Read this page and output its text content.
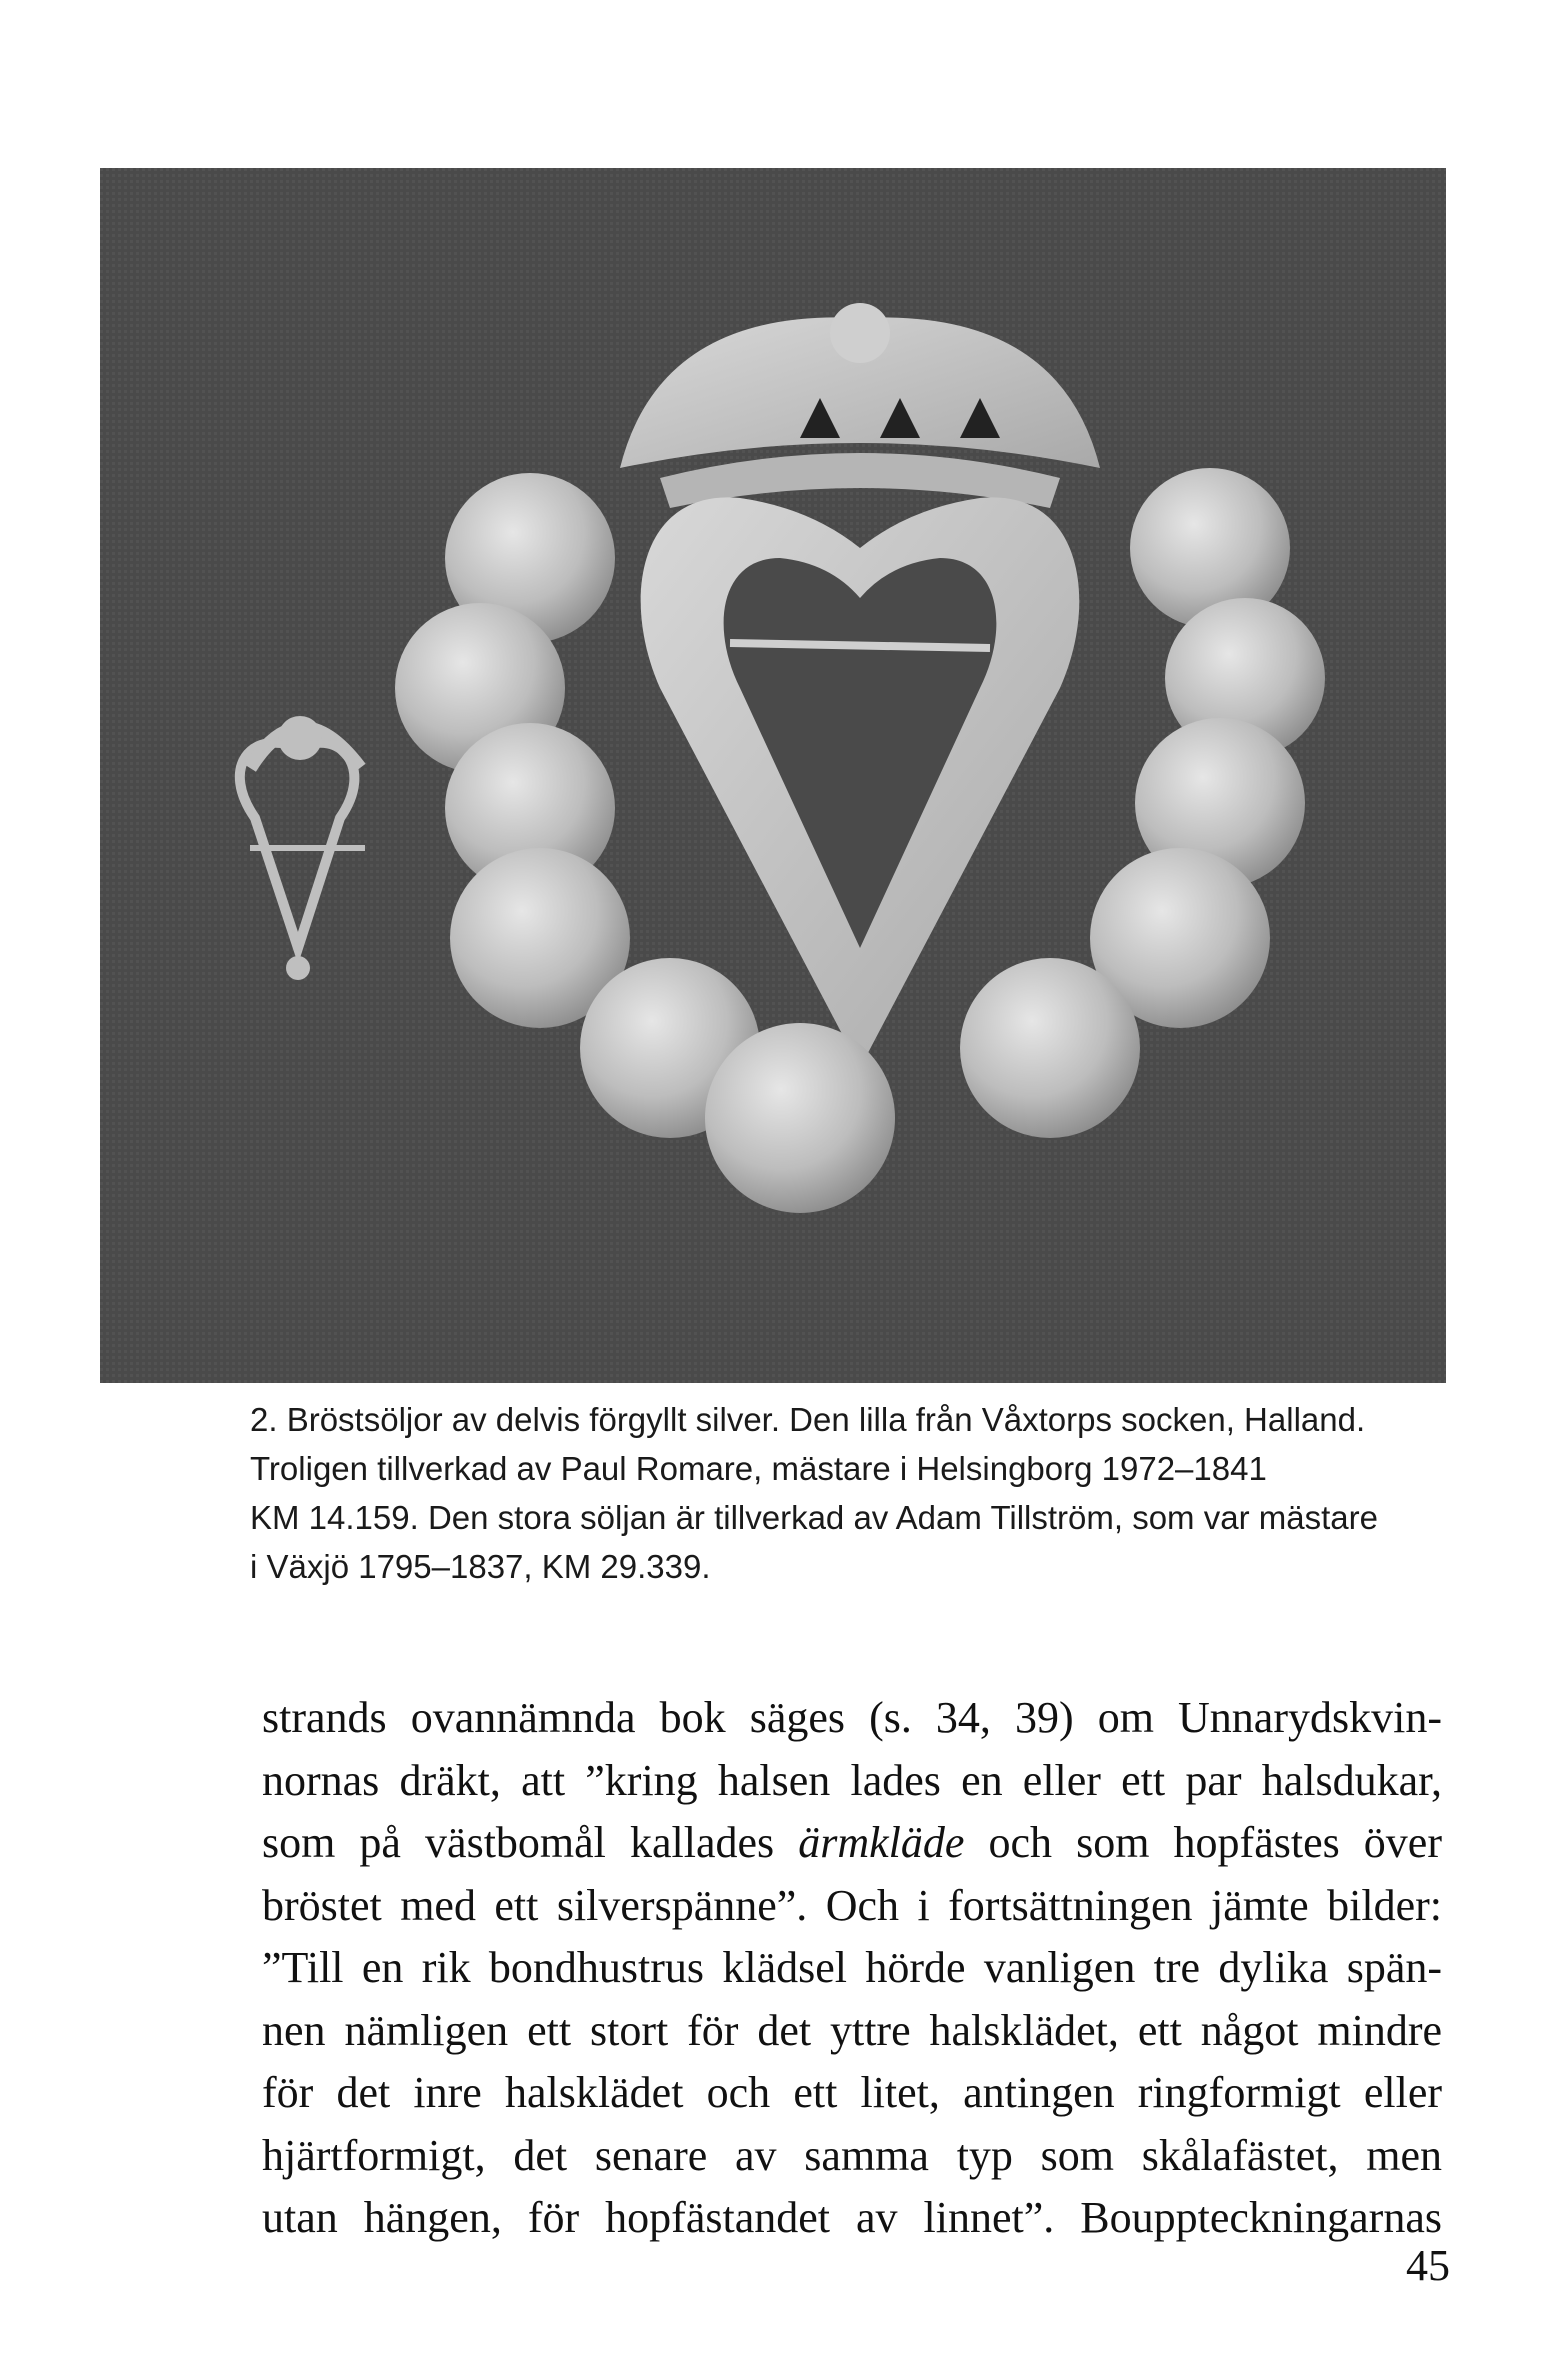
2. Bröstsöljor av delvis förgyllt silver. Den lilla från Våxtorps socken, Halland.

Troligen tillverkad av Paul Romare, mästare i Helsingborg 1972–1841

KM 14.159. Den stora söljan är tillverkad av Adam Tillström, som var mästare

i Växjö 1795–1837, KM 29.339.

strands ovannämnda bok säges (s. 34, 39) om Unnarydskvin-

nornas dräkt, att ”kring halsen lades en eller ett par halsdukar,

som på västbomål kallades ärmkläde och som hopfästes över

bröstet med ett silverspänne”. Och i fortsättningen jämte bilder:

”Till en rik bondhustrus klädsel hörde vanligen tre dylika spän-

nen nämligen ett stort för det yttre halsklädet, ett något mindre

för det inre halsklädet och ett litet, antingen ringformigt eller

hjärtformigt, det senare av samma typ som skålafästet, men

utan hängen, för hopfästandet av linnet”. Bouppteckningarnas

45
